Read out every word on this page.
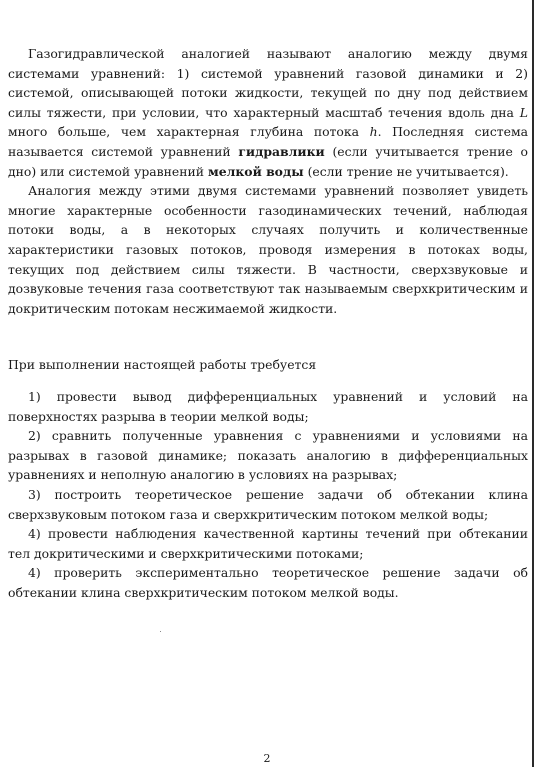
Газогидравлической аналогией называют аналогию между двумя системами уравнений: 1) системой уравнений газовой динамики и 2) системой, описывающей потоки жидкости, текущей по дну под действием силы тяжести, при условии, что характерный масштаб течения вдоль дна L много больше, чем характерная глубина потока h. Последняя система называется системой уравнений гидравлики (если учитывается трение о дно) или системой уравнений мелкой воды (если трение не учитывается).

Аналогия между этими двумя системами уравнений позволяет увидеть многие характерные особенности газодинамических течений, наблюдая потоки воды, а в некоторых случаях получить и количественные характеристики газовых потоков, проводя измерения в потоках воды, текущих под действием силы тяжести. В частности, сверхзвуковые и дозвуковые течения газа соответствуют так называемым сверхкритическим и докритическим потокам несжимаемой жидкости.

При выполнении настоящей работы требуется

1) провести вывод дифференциальных уравнений и условий на поверхностях разрыва в теории мелкой воды;

2) сравнить полученные уравнения с уравнениями и условиями на разрывах в газовой динамике; показать аналогию в дифференциальных уравнениях и неполную аналогию в условиях на разрывах;

3) построить теоретическое решение задачи об обтекании клина сверхзвуковым потоком газа и сверхкритическим потоком мелкой воды;

4) провести наблюдения качественной картины течений при обтекании тел докритическими и сверхкритическими потоками;

4) проверить экспериментально теоретическое решение задачи об обтекании клина сверхкритическим потоком мелкой воды.

2
